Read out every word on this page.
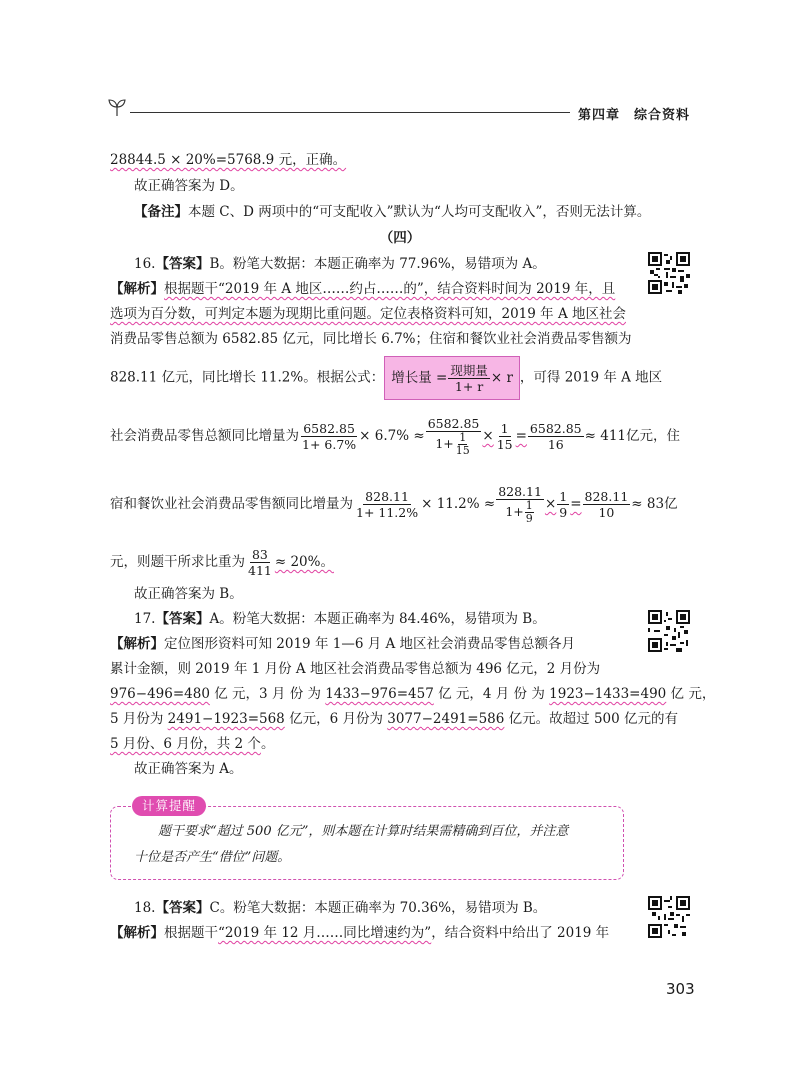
第四章　 综合资料
28844.5 × 20%=5768.9 元，正确。
故正确答案为 D。
【备注】本题 C、D 两项中的“可支配收入”默认为“人均可支配收入”，否则无法计算。
（四）
16.【答案】B。粉笔大数据：本题正确率为 77.96%，易错项为 A。
【解析】根据题干“2019 年 A 地区……约占……的”，结合资料时间为 2019 年，且
选项为百分数，可判定本题为现期比重问题。定位表格资料可知，2019 年 A 地区社会
消费品零售总额为 6582.85 亿元，同比增长 6.7%；住宿和餐饮业社会消费品零售额为
828.11 亿元，同比增长 11.2%。根据公式： 增长量 = $\frac{\text{现期量}}{1+ r} \times r$ ，可得 2019 年 A 地区
社会消费品零售总额同比增量为 $\frac{6582.85}{1+ 6.7\%} \times 6.7\% \approx \frac{6582.85}{1+ \frac{1}{15}} \times \frac{1}{15} = \frac{6582.85}{16} \approx 411$亿元，住
宿和餐饮业社会消费品零售额同比增量为 $\frac{828.11}{1+ 11.2\%} \times 11.2\% \approx \frac{828.11}{1+ \frac{1}{9}} \times \frac{1}{9} = \frac{828.11}{10} \approx 83$亿
元，则题干所求比重为 $\frac{83}{411} \approx 20\%$。
故正确答案为 B。
17.【答案】A。粉笔大数据：本题正确率为 84.46%，易错项为 B。
【解析】定位图形资料可知 2019 年 1—6 月 A 地区社会消费品零售总额各月
累计金额，则 2019 年 1 月份 A 地区社会消费品零售总额为 496 亿元，2 月份为
976−496=480 亿 元，3 月 份 为 1433−976=457 亿 元，4 月 份 为 1923−1433=490 亿 元，
5 月份为 2491−1923=568 亿元，6 月份为 3077−2491=586 亿元。故超过 500 亿元的有
5 月份、6 月份，共 2 个。
故正确答案为 A。
计算提醒
题干要求“超过 500 亿元”，则本题在计算时结果需精确到百位，并注意
十位是否产生“借位”问题。
18.【答案】C。粉笔大数据：本题正确率为 70.36%，易错项为 B。
【解析】根据题干“2019 年 12 月……同比增速约为”，结合资料中给出了 2019 年
303
